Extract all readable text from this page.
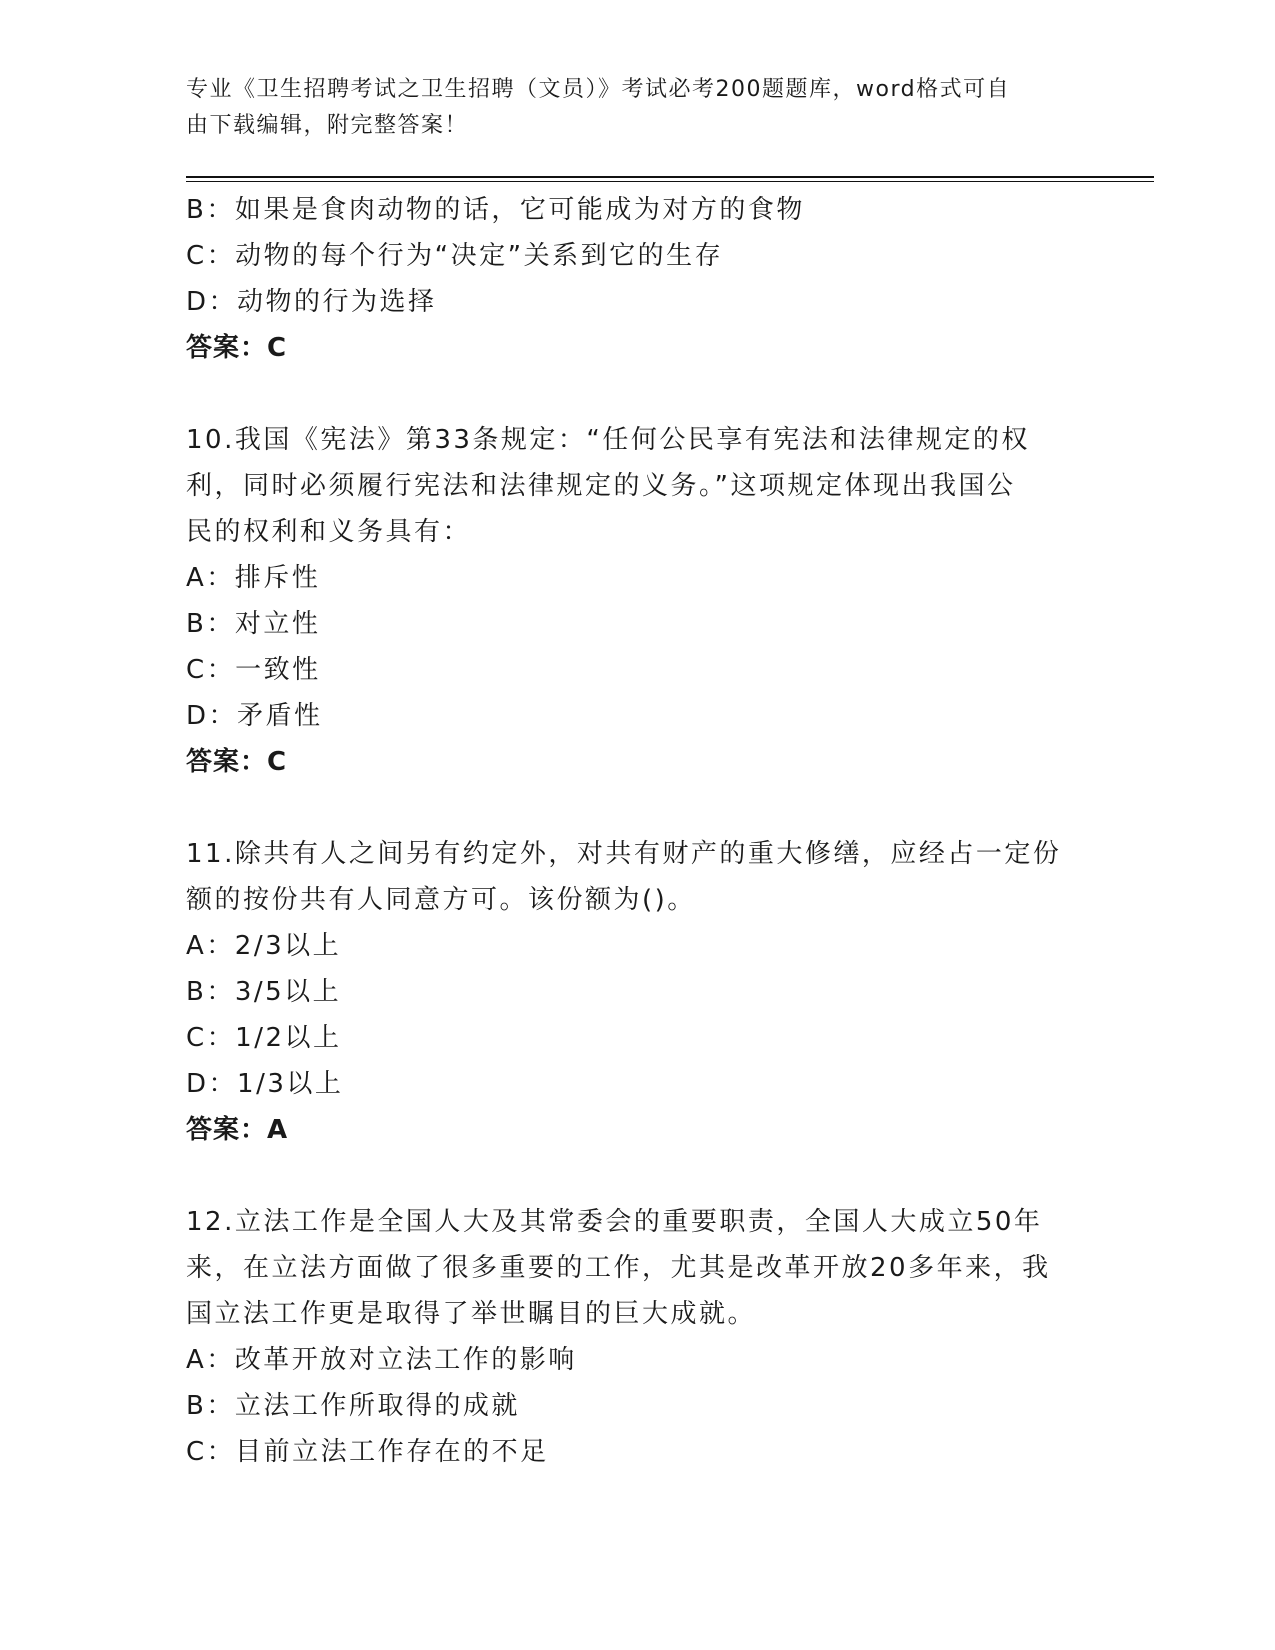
专业《卫生招聘考试之卫生招聘（文员）》考试必考200题题库，word格式可自
由下载编辑，附完整答案！
B：如果是食肉动物的话，它可能成为对方的食物
C：动物的每个行为“决定”关系到它的生存
D：动物的行为选择
答案：C
10.我国《宪法》第33条规定：“任何公民享有宪法和法律规定的权
利，同时必须履行宪法和法律规定的义务。”这项规定体现出我国公
民的权利和义务具有：
A：排斥性
B：对立性
C：一致性
D：矛盾性
答案：C
11.除共有人之间另有约定外，对共有财产的重大修缮，应经占一定份
额的按份共有人同意方可。该份额为()。
A：2/3以上
B：3/5以上
C：1/2以上
D：1/3以上
答案：A
12.立法工作是全国人大及其常委会的重要职责，全国人大成立50年
来，在立法方面做了很多重要的工作，尤其是改革开放20多年来，我
国立法工作更是取得了举世瞩目的巨大成就。
A：改革开放对立法工作的影响
B：立法工作所取得的成就
C：目前立法工作存在的不足
